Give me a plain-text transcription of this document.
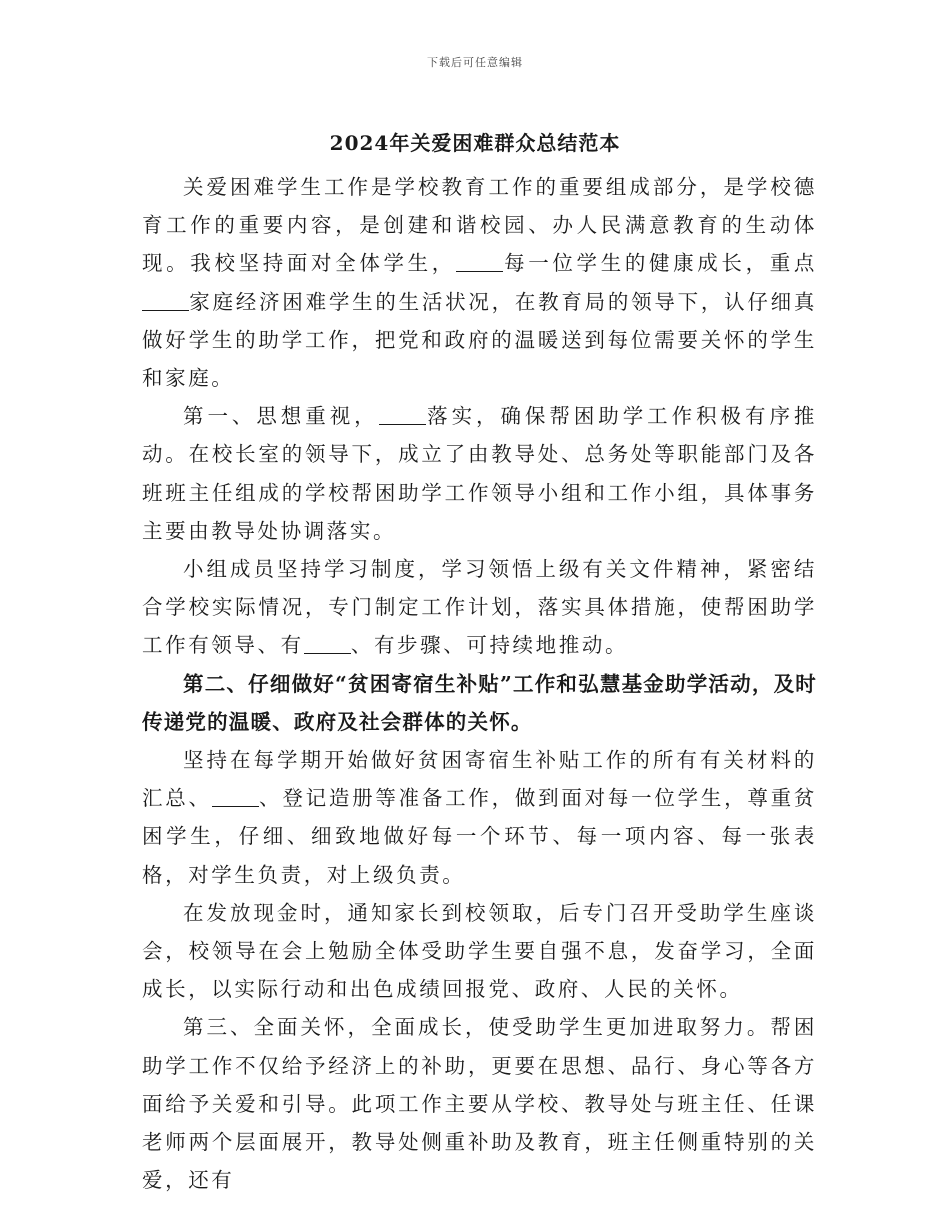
下载后可任意编辑
2024年关爱困难群众总结范本

关爱困难学生工作是学校教育工作的重要组成部分，是学校德育工作的重要内容，是创建和谐校园、办人民满意教育的生动体现。我校坚持面对全体学生， 每一位学生的健康成长，重点家庭经济困难学生的生活状况，在教育局的领导下，认仔细真做好学生的助学工作，把党和政府的温暖送到每位需要关怀的学生和家庭。

第一、思想重视， 落实，确保帮困助学工作积极有序推动。在校长室的领导下，成立了由教导处、总务处等职能部门及各班班主任组成的学校帮困助学工作领导小组和工作小组，具体事务主要由教导处协调落实。

小组成员坚持学习制度，学习领悟上级有关文件精神，紧密结合学校实际情况，专门制定工作计划，落实具体措施，使帮困助学工作有领导、有 、有步骤、可持续地推动。

第二、仔细做好“贫困寄宿生补贴”工作和弘慧基金助学活动，及时传递党的温暖、政府及社会群体的关怀。

坚持在每学期开始做好贫困寄宿生补贴工作的所有有关材料的汇总、 、登记造册等准备工作，做到面对每一位学生，尊重贫困学生，仔细、细致地做好每一个环节、每一项内容、每一张表格，对学生负责，对上级负责。

在发放现金时，通知家长到校领取，后专门召开受助学生座谈会，校领导在会上勉励全体受助学生要自强不息，发奋学习，全面成长，以实际行动和出色成绩回报党、政府、人民的关怀。

第三、全面关怀，全面成长，使受助学生更加进取努力。帮困助学工作不仅给予经济上的补助，更要在思想、品行、身心等各方面给予关爱和引导。此项工作主要从学校、教导处与班主任、任课老师两个层面展开，教导处侧重补助及教育，班主任侧重特别的关爱，还有
